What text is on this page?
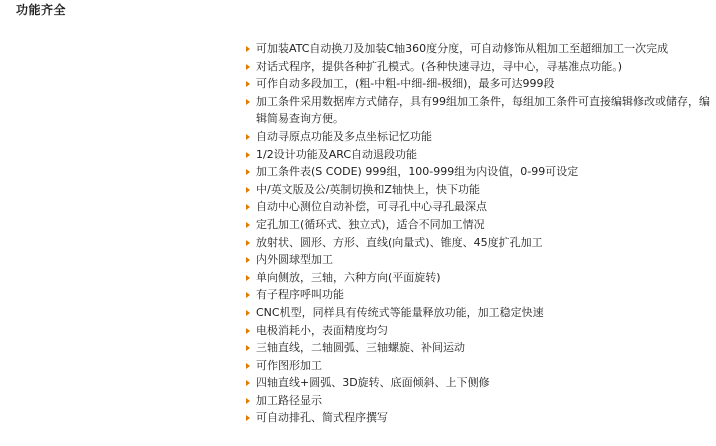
功能齐全
可加装ATC自动换刀及加装C轴360度分度，可自动修饰从粗加工至超细加工一次完成
对话式程序，提供各种扩孔模式。(各种快速寻边，寻中心，寻基准点功能。)
可作自动多段加工，(粗-中粗-中细-细-极细)，最多可达999段
加工条件采用数据库方式储存，具有99组加工条件，每组加工条件可直接编辑修改或储存，编辑简易查询方便。
自动寻原点功能及多点坐标记忆功能
1/2设计功能及ARC自动退段功能
加工条件表(S CODE) 999组，100-999组为内设值，0-99可设定
中/英文版及公/英制切换和Z轴快上，快下功能
自动中心测位自动补偿，可寻孔中心寻孔最深点
定孔加工(循环式、独立式)，适合不同加工情况
放射状、圆形、方形、直线(向量式)、锥度、45度扩孔加工
内外圆球型加工
单向侧放，三轴，六种方向(平面旋转)
有子程序呼叫功能
CNC机型，同样具有传统式等能量释放功能，加工稳定快速
电极消耗小，表面精度均匀
三轴直线，二轴圆弧、三轴螺旋、补间运动
可作图形加工
四轴直线+圆弧、3D旋转、底面倾斜、上下侧修
加工路径显示
可自动排孔、简式程序撰写
